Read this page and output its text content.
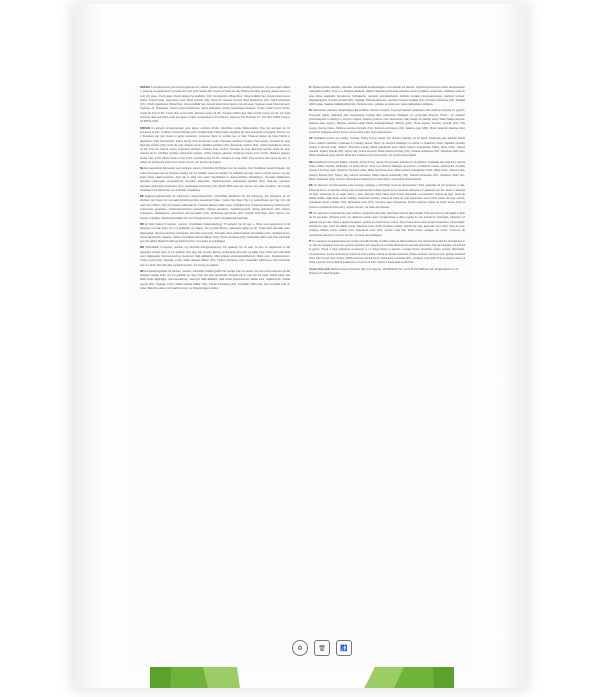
UK/USA A complementary pet food supplement for rabbits, guinea pigs and chinchillas Feeding Directions: For pets aged 10wks +. Feed as a supplement to complement your pet's regular diet. Feed 1-2 treats per day. Before and after opening please store in a cool, dry place. Fresh water should always be available. (UK) Composition: Wheat flour, Ground alfalfa hay, Ground dried locust beans, Ground peas, Soya bean meal, Dried spinach (4%), Soya oil, Linseed, Ground dried blueberries (1%), Dried echinacea (1%). (USA) Ingredients: Wheat flour, Ground alfalfa hay, Ground dried locust beans, Ground peas, Soybean meal, Dried spinach, Soybean oil, Flaxseeds, Ground dried blueberries, Dried echinacea. (USA) Guaranteed Analysis: Crude protein (min) 12.0%, Crude fat (min) 2.5%, Crude fibre (max) 9.0%, Moisture (max) 12.0%. Contains GMO soya. May contain traces of nuts. For feed business data and batch code see base of pack. Guaranteed in the USA by: Supreme Pet Products Inc, P.O. Box 31452 Tucson, AZ 85751-1452
FR/CAN Un aliment complémentaire pour lapins, cochons d'Inde, chinchillas Guide d'alimentation: Pour les animaux de 10 semaines et plus. À utiliser comme friandise pour complémenter l'alimentation régulière de votre animal de compagnie. Donner 1 à 2 friandises par jour. Avant et après ouverture, conserver dans un endroit sec et frais. Toujours laisser de l'eau fraîche à disposition. (FR) Composition: Farine de blé, Foin de luzerne moulu, Caroubes séchées moulues, Pois moulus, Tourteau de soja, Épinards séchés (4%), Huile de soja, Graines de lin, Myrtilles séchées (1%), Échinacée séchée (1%). (CAN) Ingrédients: Farine de blé, Foin de luzerne moulu, Caroubes séchées moulues, Pois moulus, Tourteau de soja, Épinards séchés, Huile de soja, Graines de lin, Myrtilles séchées, Échinacée séchée. (CAN) Analyse garantie: Protéines brutes (min) 12,0%, Matières grasses brutes (min) 2,5%, Fibres brutes (max) 9,0%, Humidité (max) 12,0%. Contient du soja OGM. Peut contenir des traces de noix. À utiliser de préférence avant le et numéro du lot: voir au fond du paquet.
NL Een aanvullend diervoeder voor konijnen, cavia's, chinchilla's Richtlijnen voor de voeding: Voor huisdieren vanaf 10 weken. Als snack toevoegen aan de normale voeding van uw huisdier. Geef uw huisdier 1-2 traktaties per dag. Voor en na het openen, op een koele droge plaats bewaren. Zorg dat er altijd vers water beschikbaar is. Samenstelling: Tarwebloem, Gemalen alfalfa-hooi, Gemalen gedroogde sint-jansbrood, Gemalen doperwten, Sojabonenmeel, Gedroogde spinazie (4%), Soja-olie, Lijnzaad, Gemalen gedroogde bosbessen (1%), Gedroogde echinacea (1%). Bevat GMO-soja. Kan sporen van noten bevatten. Ten minste houdbaar tot & batchcode: zie onderkant verpakking.
DE Ergänzungsfuttermittel für Kaninchen, Meerschweinchen, Chinchillas Richtlinien für die Fütterung: Für Haustiere ab 10 Wochen. Als Snack zur normalen Ernährung Ihres Haustieres füttern. Geben Sie Ihrem Tier 1-2 Leckerbissen pro Tag. Vor und nach dem Öffnen, kühl und trocken aufbewahren. Frisches Wasser sollte immer verfügbar sein. Zusammensetzung: Weizenmehl, Luzerneheu gemahlen, Johannisbrotschoten gemahlen, Erbsen gemahlen, Sojabohnenmehl, Spinat getrocknet (4%), Sojaöl, Leinsamen, Heidelbeeren getrocknet und gemahlen (1%), Echinacea getrocknet (1%). Enthält GVO-Soja. Kann Spuren von Nüssen enthalten. Mindestens haltbar bis und Chargennummer: siehe Verpackungsunterseite.
DK Et foder tilskud til kaniner, marsvin, chinchillaer Foderveiledning: Til kæledyr fra 10 uger +. Brug som supplement til dit kæledyrs normale foder. Giv 1-2 godbidder om dagen. Før og efter åbning, opbevares køligt og tørt. Friskt vand skal altid være tilgængeligt. Sammensætning: Hvedemel, Formalet lucernehø, Formalet tørret johannesbrød, Formalede ærter, Sojabønnemel, Tørret spinat (4%), Sojaolie, Hørfrø, Formalede tørrede blåbær (1%), Tørret echinacea (1%). Indeholder GMO-soja. Kan indeholde spor af nødder. Bedst før dato og batchnummer: se bunden af emballagen.
NO Tilskuddsfôr til kaniner, marsvin og chinchilla Fôringsveiledning: For kjæledyr fra 10 uker. Gi som et supplement til ditt kjæledyrs vanlige diett. Gi 1-2 godbiter hver dag. Før og etter åpning: oppbevares på et tørt og kjølig sted. Friskt vann skal alltid være tilgjengelig. Sammensetning: Hvetemel, Malt alfalfahøy, Malt tørkede johannesbrødbønner, Malte erter, Soyabønnemel, Tørket spinat (4%), Soyaolje, Linfrø, Malte tørkede blåbær (1%), Tørket echinacea (1%). Inneholder GMO-soya. Kan inneholde spor av nøtter. Best før-dato og batchnummer: se bunnen av pakken.
SE Kompletteringsfoder för kaniner, marsvin, chinchillor Utfodringsråd: För husdjur från 10 veckor. Ge som ett komplement till ditt husdjurs vanliga foder. Ge 1-2 godbitar per dag. Före och efter öppnandet: förvaras på en sval och torr plats. Färskt vatten ska alltid finnas tillgängligt. Sammansättning: Vetemjöl, Malt alfalfahö, Malt torkat johannesbröd, Malda ärtor, Sojabönmjöl, Torkad spenat (4%), Sojaolja, Linfrö, Malda torkade blåbär (1%), Torkad echinacea (1%). Innehåller GMO-soja. Kan innehålla spår av nötter. Bäst före-datum och batchnummer: se förpackningens botten.
FI Täydennysrehu kaneille, marsuille, chinchilloille Ruokintaohjeet: Lemmikeille 10 viikosta. Täydennysrehuna lemmikin tavanomaisen ruokavalion lisäksi. Anna 1–2 herkkua päivässä. Säilytä viileässä ja kuivassa paikassa ennen ja jälkeen avaamisen. Raikasta vettä on aina oltava saatavilla. Koostumus: Vehnäjauho, Jauhettu sinimailasheinä, Jauhettu kuivattu johanneksenleipä, Jauhetut herneet, Soijapapujauho, Kuivattu pinaatti (4%), Soijaöljy, Pellavansiemenet, Jauhetut kuivatut mustikat (1%), Kuivattu echinacea (1%). Sisältää GMO-soijaa. Saattaa sisältää pähkinöitä. Parasta ennen -päiväys ja eränumero: katso pakkauksen pohjasta.
PL Mieszanka paszowa uzupełniająca dla królików, świnek morskich, szynszyli Sposób podawania: Dla zwierząt powyżej 10 tygodni. Przysmak należy traktować jako uzupełnienie zwykłej diety zwierzęcia. Podawać 1-2 przysmaki dziennie. Przed i po otwarciu przechowywać w chłodnym i suchym miejscu. Zwierzę powinno mieć zapewniony stały dostęp do świeżej wody. Skład: Mąka pszenna, Mielone siano lucerny, Mielone suszone strąki chleba świętojańskiego, Mielony groch, Śruta sojowa, Suszony szpinak (4%), Olej sojowy, Siemię lniane, Mielone suszone borówki (1%), Suszona echinacea (1%). Zawiera soję GMO. Może zawierać śladowe ilości orzechów. Najlepiej spożyć przed i numer partii: patrz spód opakowania.
CZ Doplňkové krmivo pro králíky, morčata, činčily Krmný návod: Pro domácí mazlíčky od 10 týdnů. Podávejte jako doplněk běžné stravy vašeho mazlíčka. Podávejte 1-2 kousky denně. Před i po otevření skladujte na suchém a chladném místě. Zajistěte neustálý přístup k čerstvé vodě. Složení: Pšeničná mouka, Mletá vojtěšková sena, Mleté sušené svatojánské chleby, Mletý hrách, Sójová moučka, Sušený špenát (4%), Sójový olej, Lněné semínko, Mleté sušené borůvky (1%), Sušená echinacea (1%). Obsahuje GMO sóju. Může obsahovat stopy ořechů. Minimální trvanlivost do a číslo šarže: viz spodní strana balení.
SK Doplnkové krmivo pre králiky, morčatá, činčily Krmny návod: Pre domáce zvieratá od 10 týždňov. Podávajte ako doplnok k bežnej strave vášho zvieraťa. Podávajte 1-2 kúsky denne. Pred i po otvorení skladujte na suchom a chladnom mieste. Zabezpečte neustály prístup k čerstvej vode. Zloženie: Pšeničná múka, Mletá lucernová seno, Mleté sušené svätojánsky chlieb, Mletý hrach, Sójová múka, Sušený špenát (4%), Sójový olej, Ľanové semienka, Mleté sušené čučoriedky (1%), Sušená echinacea (1%). Obsahuje GMO sóju. Môže obsahovať stopy orechov. Minimálna trvanlivosť do a číslo šarže: viď spodná strana balenia.
ES Un alimento complementario para conejos, cobayas y chinchillas Guía de alimentación: Para mascotas de 10 semanas o más. Alimente como un sabroso manjar para complementar la dieta regular de su mascota. Alimente 1-2 golosinas por día. Antes y después de abrir, conservar en un lugar fresco y seco. Siempre debe haber agua fresca disponible. Composición: Harina de trigo, Heno de alfalfa molido, Algarrobas secas molidas, Guisantes molidos, Harina de haba de soja, Espinacas secas (4%), Aceite de soja, Linaza, Arándanos secos molidos (1%), Equinácea seca (1%). Contiene soja transgénica. Puede contener trazas de frutos secos. Para el consumo preferente antes del y número de lote: ver base del paquete.
PT Um alimento complementar para coelhos, porquinhos-da-índia, chinchilas Guia de alimentação: Para animais de estimação a partir de 10 semanas. Alimente como um delicioso petisco para complementar a dieta regular do seu animal de estimação. Alimente 1-2 guloseimas por dia. Antes e depois de aberto, guarde em local fresco e seco. Água fresca deve estar sempre disponível. Composição: Farinha de trigo, Feno de alfalfa moído, Alfarroba seca moída, Ervilhas moídas, Farinha de soja, Espinafre seco (4%), Óleo de soja, Linhaça, Mirtilos secos moídos (1%), Equinácea seca (1%). Contém soja GM. Pode conter vestígios de nozes. Consumir de preferência antes de e número de lote: ver base da embalagem.
IT Un mangime complementare per conigli, porcellini d'India, cincillà Guida per l'alimentazione: Per animali domestici da 10 settimane in su. Dai da mangiare come uno gustoso spuntino per integrare la normale dieta del tuo animale domestico. Dai da mangiare 1-2 dolcetti al giorno. Prima e dopo l'apertura conservare in un luogo fresco e asciutto. L'acqua fresca dovrebbe essere sempre disponibile. Composizione: Farina di frumento, Farina di erba medica, Farina di carrube essiccate, Piselli macinati, Farina di soia, Spinaci essiccati (4%), Olio di soia, Semi di lino, Mirtilli essiccati macinati (1%), Echinacea essiccata (1%). Contiene soia OGM. Può contenere tracce di frutta a guscio. Per la data di scadenza e il numero di lotto: vedere il fondo della confezione.
South Africa (ZA) Marltons Pets & Products (Pty) Ltd. Reg No. 1971/5634/07 Tel: (+27) 21 812 3000 E-mail: info@marltons.co.za
Product of United Kingdom
♻	🗑	🚮
